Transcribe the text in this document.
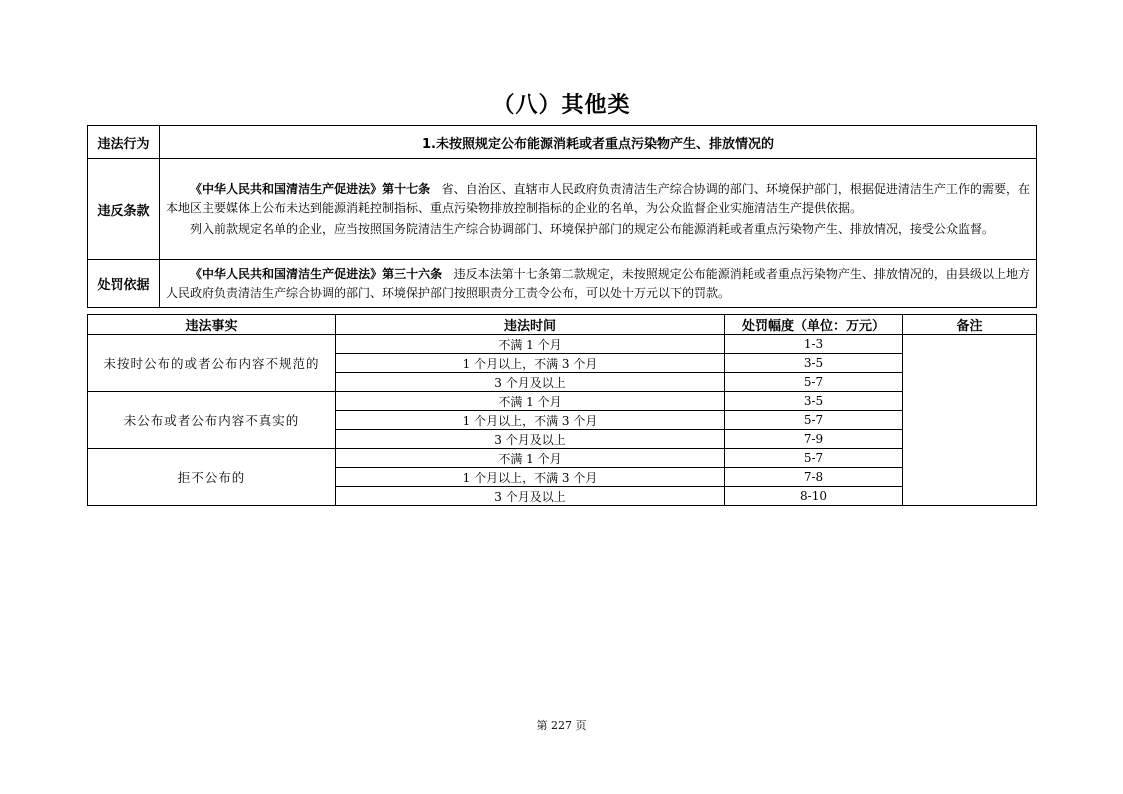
（八）其他类
违法行为	1.未按照规定公布能源消耗或者重点污染物产生、排放情况的
违反条款	《中华人民共和国清洁生产促进法》第十七条 省、自治区、直辖市人民政府负责清洁生产综合协调的部门、环境保护部门，根据促进清洁生产工作的需要，在本地区主要媒体上公布未达到能源消耗控制指标、重点污染物排放控制指标的企业的名单，为公众监督企业实施清洁生产提供依据。

列入前款规定名单的企业，应当按照国务院清洁生产综合协调部门、环境保护部门的规定公布能源消耗或者重点污染物产生、排放情况，接受公众监督。

处罚依据	《中华人民共和国清洁生产促进法》第三十六条 违反本法第十七条第二款规定，未按照规定公布能源消耗或者重点污染物产生、排放情况的，由县级以上地方人民政府负责清洁生产综合协调的部门、环境保护部门按照职责分工责令公布，可以处十万元以下的罚款。

违法事实	违法时间	处罚幅度（单位：万元）	备注
未按时公布的或者公布内容不规范的	不满 1 个月	1-3	
	1 个月以上，不满 3 个月	3-5	
	3 个月及以上	5-7	
未公布或者公布内容不真实的	不满 1 个月	3-5	
	1 个月以上，不满 3 个月	5-7	
	3 个月及以上	7-9	
拒不公布的	不满 1 个月	5-7	
	1 个月以上，不满 3 个月	7-8	
	3 个月及以上	8-10	
第 227 页
